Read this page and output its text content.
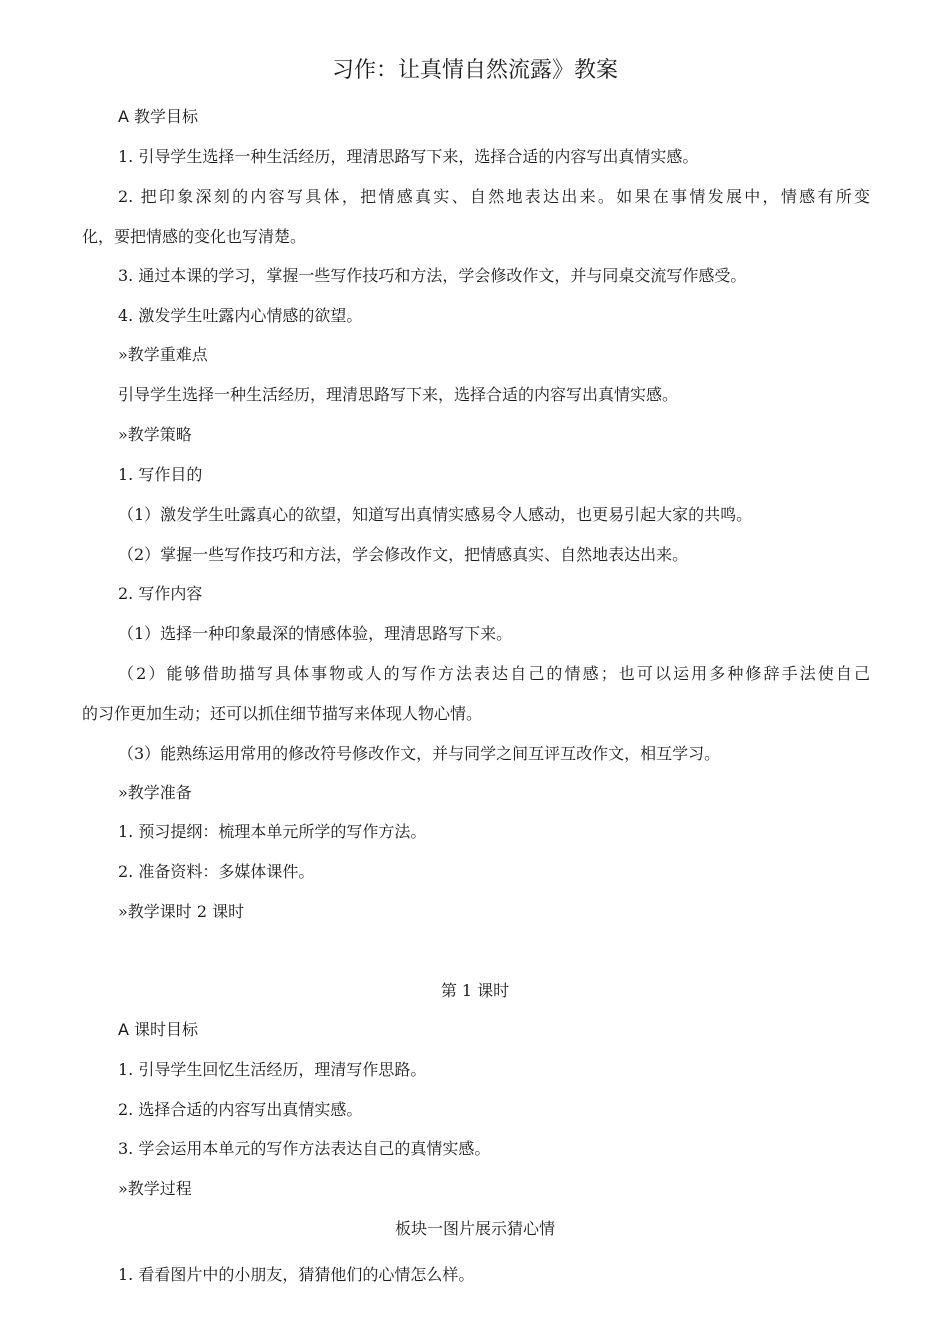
习作：让真情自然流露》教案
A 教学目标
1. 引导学生选择一种生活经历，理清思路写下来，选择合适的内容写出真情实感。
2. 把印象深刻的内容写具体，把情感真实、自然地表达出来。如果在事情发展中，情感有所变
化，要把情感的变化也写清楚。
3. 通过本课的学习，掌握一些写作技巧和方法，学会修改作文，并与同桌交流写作感受。
4. 激发学生吐露内心情感的欲望。
»教学重难点
引导学生选择一种生活经历，理清思路写下来，选择合适的内容写出真情实感。
»教学策略
1. 写作目的
（1）激发学生吐露真心的欲望，知道写出真情实感易令人感动，也更易引起大家的共鸣。
（2）掌握一些写作技巧和方法，学会修改作文，把情感真实、自然地表达出来。
2. 写作内容
（1）选择一种印象最深的情感体验，理清思路写下来。
（2）能够借助描写具体事物或人的写作方法表达自己的情感；也可以运用多种修辞手法使自己
的习作更加生动；还可以抓住细节描写来体现人物心情。
（3）能熟练运用常用的修改符号修改作文，并与同学之间互评互改作文，相互学习。
»教学准备
1. 预习提纲：梳理本单元所学的写作方法。
2. 准备资料：多媒体课件。
»教学课时 2 课时
第 1 课时
A 课时目标
1. 引导学生回忆生活经历，理清写作思路。
2. 选择合适的内容写出真情实感。
3. 学会运用本单元的写作方法表达自己的真情实感。
»教学过程
板块一图片展示猜心情
1. 看看图片中的小朋友，猜猜他们的心情怎么样。
